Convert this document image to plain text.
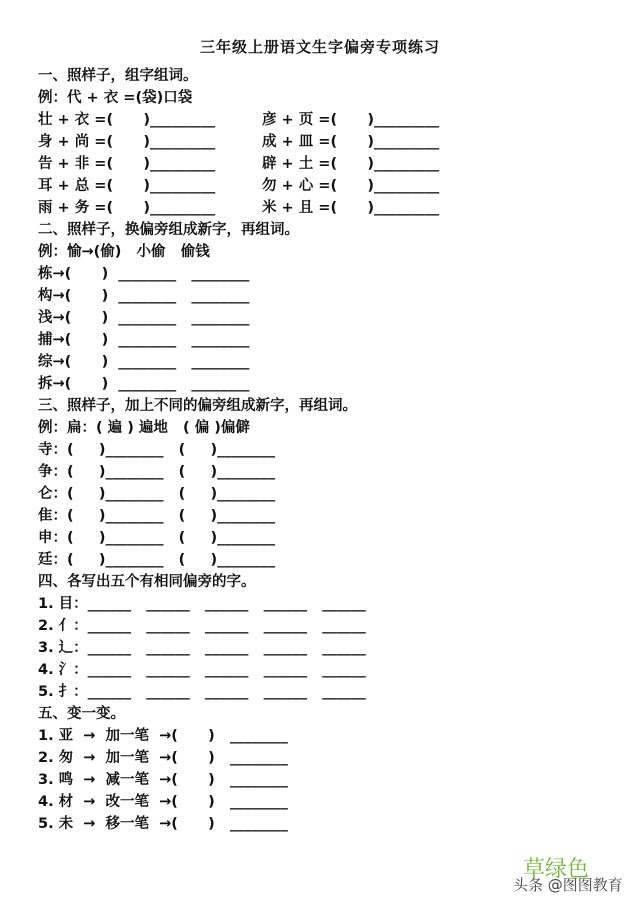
三年级上册语文生字偏旁专项练习
一、照样子，组字组词。
例：代 + 衣 =(袋)口袋
壮 + 衣 =(      )_________	彦 + 页 =(      )_________
身 + 尚 =(      )_________	成 + 皿 =(      )_________
告 + 非 =(      )_________	辟 + 土 =(      )_________
耳 + 总 =(      )_________	勿 + 心 =(      )_________
雨 + 务 =(      )_________	米 + 且 =(      )_________
二、照样子，换偏旁组成新字，再组词。
例：愉→(偷)   小偷   偷钱
栋→(      )  ________   ________
构→(      )  ________   ________
浅→(      )  ________   ________
捕→(      )  ________   ________
综→(      )  ________   ________
拆→(      )  ________   ________
三、照样子，加上不同的偏旁组成新字，再组词。
例：扁：( 遍 ) 遍地   ( 偏 )偏僻
寺：(     )________   (     )________
争：(     )________   (     )________
仑：(     )________   (     )________
隹：(     )________   (     )________
申：(     )________   (     )________
廷：(     )________   (     )________
四、各写出五个有相同偏旁的字。
1. 目：______   ______   ______   ______   ______
2. 亻：______   ______   ______   ______   ______
3. 辶：______   ______   ______   ______   ______
4. 氵：______   ______   ______   ______   ______
5. 扌：______   ______   ______   ______   ______
五、变一变。
1. 亚  →  加一笔  →(      )   ________
2. 匆  →  加一笔  →(      )   ________
3. 鸣  →  减一笔  →(      )   ________
4. 材  →  改一笔  →(      )   ________
5. 未  →  移一笔  →(      )   ________
头条 @图图教育
草绿色
